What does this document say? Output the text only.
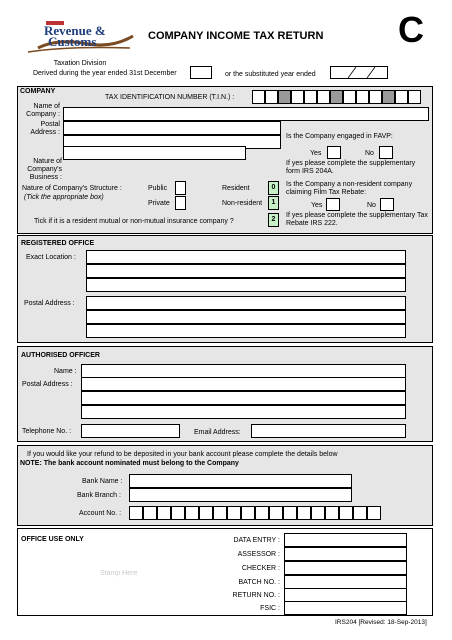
Revenue &
Customs
Taxation Division
COMPANY INCOME TAX RETURN C
Derived during the year ended 31st December	or the substituted year ended
COMPANY
TAX IDENTIFICATION NUMBER (T.I.N.) :
Name of Company :
Postal Address :
Is the Company engaged in FAVP:
Nature of Company's Business :
Yes	No
If yes please complete the supplementary form IRS 204A.
Nature of Company's Structure :
(Tick the appropriate box)
Public
Private
Resident	0
Non-resident	1
Is the Company a non-resident company claiming Film Tax Rebate:
Yes	No
Tick if it is a resident mutual or non-mutual insurance company ?	2
If yes please complete the supplementary Tax Rebate IRS 222.
REGISTERED OFFICE
Exact Location :
Postal Address :
AUTHORISED OFFICER
Name :
Postal Address :
Telephone No. :	Email Address:
If you would like your refund to be deposited in your bank account please complete the details below
NOTE: The bank account nominated must belong to the Company
Bank Name :
Bank Branch :
Account No. :
OFFICE USE ONLY
Stamp Here
DATA ENTRY :
ASSESSOR :
CHECKER :
BATCH NO. :
RETURN NO. :
FSIC :
IRS204 [Revised: 18-Sep-2013]
